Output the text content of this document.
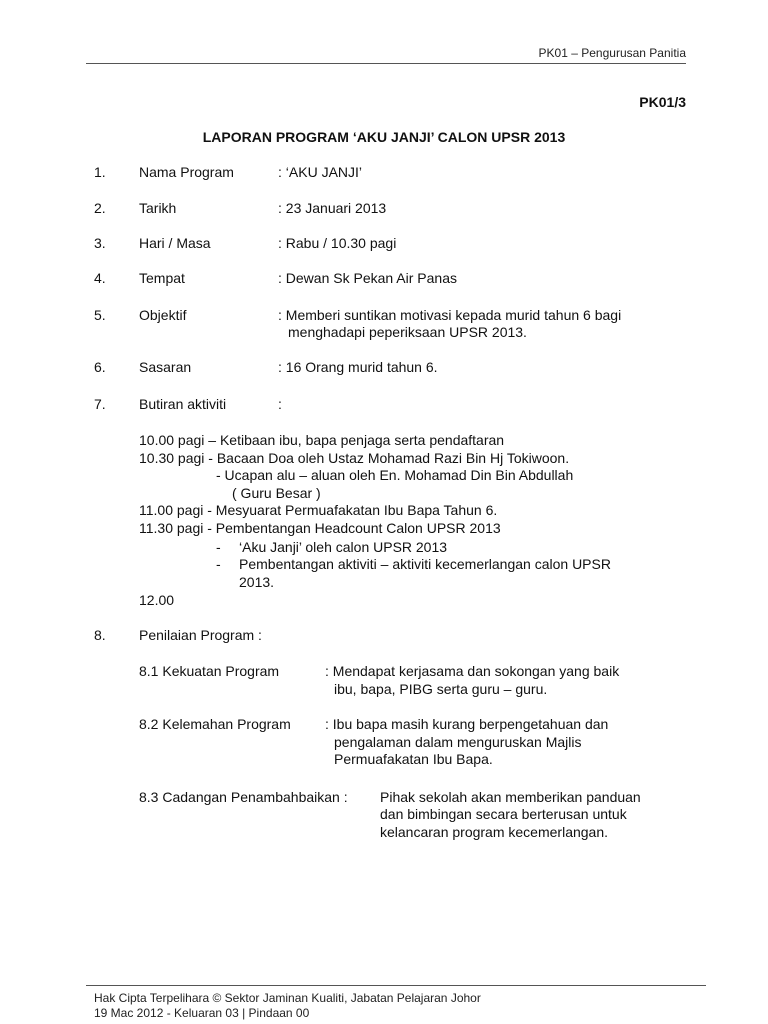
PK01 – Pengurusan Panitia
PK01/3
LAPORAN PROGRAM ‘AKU JANJI’ CALON UPSR 2013
1. Nama Program	: ‘AKU JANJI’
2. Tarikh	: 23 Januari 2013
3. Hari / Masa	: Rabu / 10.30 pagi
4. Tempat	: Dewan Sk Pekan Air Panas
5. Objektif	: Memberi suntikan motivasi kepada murid tahun 6 bagi
menghadapi peperiksaan UPSR 2013.
6. Sasaran	: 16 Orang murid tahun 6.
7. Butiran aktiviti	:
10.00 pagi – Ketibaan ibu, bapa penjaga serta pendaftaran
10.30 pagi - Bacaan Doa oleh Ustaz Mohamad Razi Bin Hj Tokiwoon.
- Ucapan alu – aluan oleh En. Mohamad Din Bin Abdullah
( Guru Besar )
11.00 pagi - Mesyuarat Permuafakatan Ibu Bapa Tahun 6.
11.30 pagi - Pembentangan Headcount Calon UPSR 2013
- ‘Aku Janji’ oleh calon UPSR 2013
- Pembentangan aktiviti – aktiviti kecemerlangan calon UPSR
2013.
12.00
8. Penilaian Program :
8.1 Kekuatan Program	: Mendapat kerjasama dan sokongan yang baik
ibu, bapa, PIBG serta guru – guru.
8.2 Kelemahan Program : Ibu bapa masih kurang berpengetahuan dan
pengalaman dalam menguruskan Majlis
Permuafakatan Ibu Bapa.
8.3 Cadangan Penambahbaikan : Pihak sekolah akan memberikan panduan
dan bimbingan secara berterusan untuk
kelancaran program kecemerlangan.
Hak Cipta Terpelihara © Sektor Jaminan Kualiti, Jabatan Pelajaran Johor
19 Mac 2012 - Keluaran 03 | Pindaan 00
